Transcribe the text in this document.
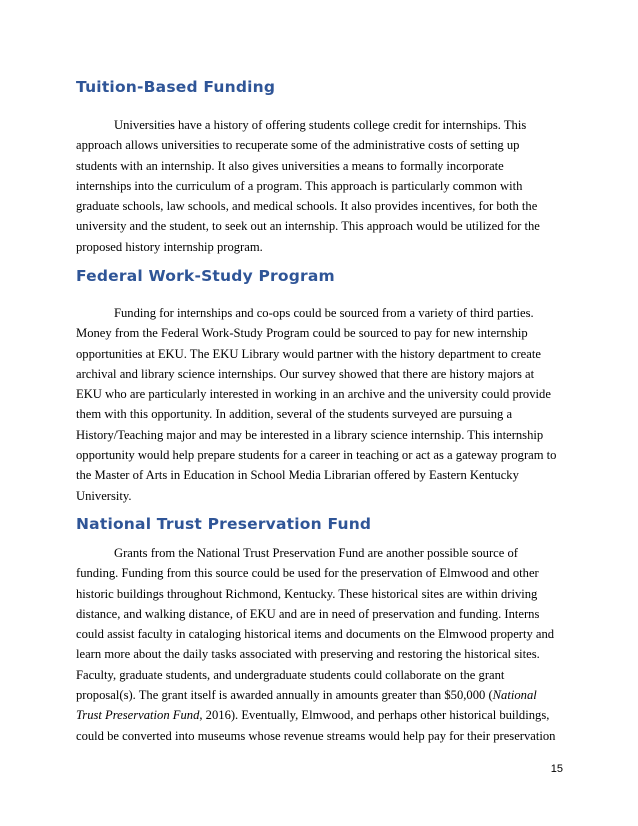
Tuition-Based Funding
Universities have a history of offering students college credit for internships. This
approach allows universities to recuperate some of the administrative costs of setting up
students with an internship. It also gives universities a means to formally incorporate
internships into the curriculum of a program. This approach is particularly common with
graduate schools, law schools, and medical schools. It also provides incentives, for both the
university and the student, to seek out an internship. This approach would be utilized for the
proposed history internship program.
Federal Work-Study Program
Funding for internships and co-ops could be sourced from a variety of third parties.
Money from the Federal Work-Study Program could be sourced to pay for new internship
opportunities at EKU. The EKU Library would partner with the history department to create
archival and library science internships. Our survey showed that there are history majors at
EKU who are particularly interested in working in an archive and the university could provide
them with this opportunity. In addition, several of the students surveyed are pursuing a
History/Teaching major and may be interested in a library science internship. This internship
opportunity would help prepare students for a career in teaching or act as a gateway program to
the Master of Arts in Education in School Media Librarian offered by Eastern Kentucky
University.
National Trust Preservation Fund
Grants from the National Trust Preservation Fund are another possible source of
funding. Funding from this source could be used for the preservation of Elmwood and other
historic buildings throughout Richmond, Kentucky. These historical sites are within driving
distance, and walking distance, of EKU and are in need of preservation and funding. Interns
could assist faculty in cataloging historical items and documents on the Elmwood property and
learn more about the daily tasks associated with preserving and restoring the historical sites.
Faculty, graduate students, and undergraduate students could collaborate on the grant
proposal(s). The grant itself is awarded annually in amounts greater than $50,000 (National
Trust Preservation Fund, 2016). Eventually, Elmwood, and perhaps other historical buildings,
could be converted into museums whose revenue streams would help pay for their preservation
15
